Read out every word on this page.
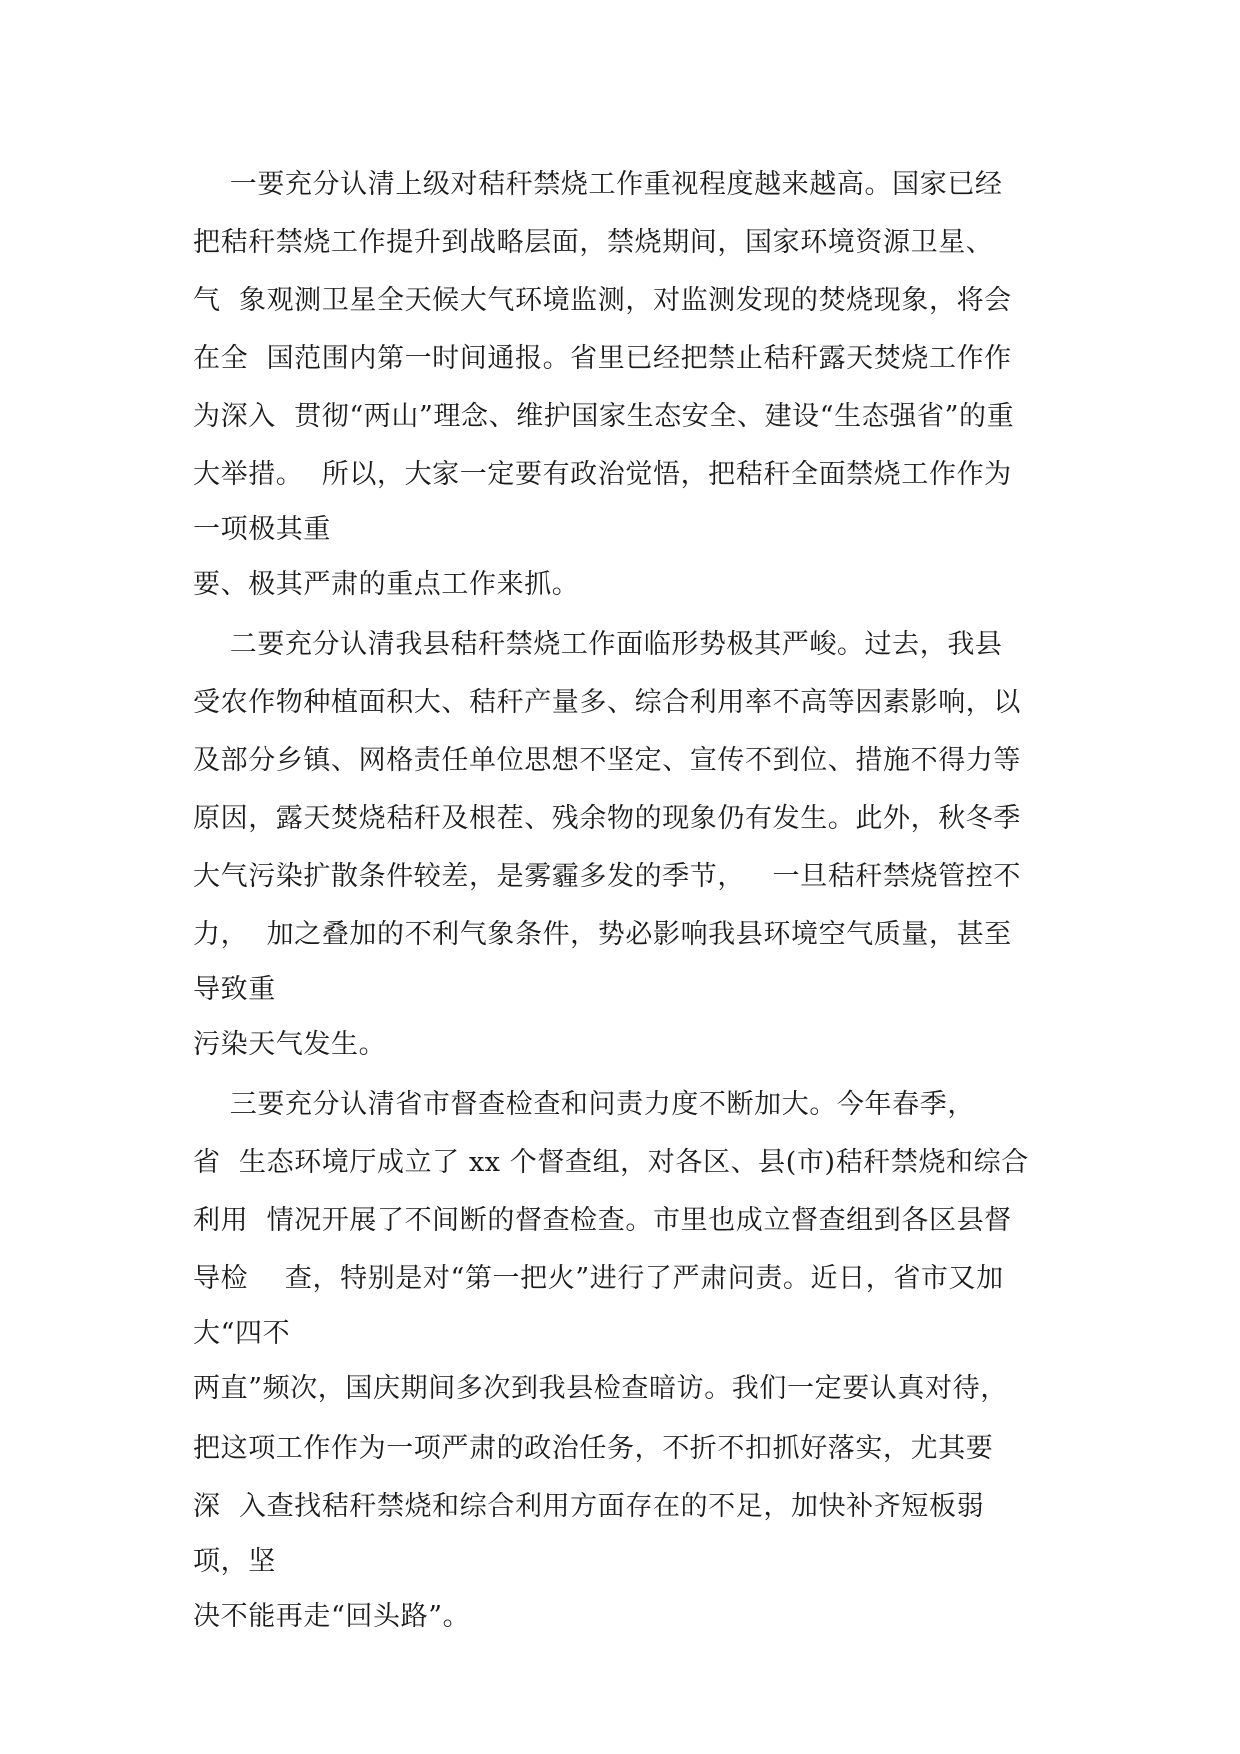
一要充分认清上级对秸秆禁烧工作重视程度越来越高。国家已经
把秸秆禁烧工作提升到战略层面，禁烧期间，国家环境资源卫星、
气  象观测卫星全天候大气环境监测，对监测发现的焚烧现象，将会
在全  国范围内第一时间通报。省里已经把禁止秸秆露天焚烧工作作
为深入  贯彻“两山”理念、维护国家生态安全、建设“生态强省”的重
大举措。  所以，大家一定要有政治觉悟，把秸秆全面禁烧工作作为
一项极其重
要、极其严肃的重点工作来抓。
二要充分认清我县秸秆禁烧工作面临形势极其严峻。过去，我县
受农作物种植面积大、秸秆产量多、综合利用率不高等因素影响，以
及部分乡镇、网格责任单位思想不坚定、宣传不到位、措施不得力等
原因，露天焚烧秸秆及根茬、残余物的现象仍有发生。此外，秋冬季
大气污染扩散条件较差，是雾霾多发的季节，   一旦秸秆禁烧管控不
力，  加之叠加的不利气象条件，势必影响我县环境空气质量，甚至
导致重
污染天气发生。
三要充分认清省市督查检查和问责力度不断加大。今年春季，
省  生态环境厅成立了 xx 个督查组，对各区、县(市)秸秆禁烧和综合
利用  情况开展了不间断的督查检查。市里也成立督查组到各区县督
导检    查，特别是对“第一把火”进行了严肃问责。近日，省市又加
大“四不
两直”频次，国庆期间多次到我县检查暗访。我们一定要认真对待，
把这项工作作为一项严肃的政治任务，不折不扣抓好落实，尤其要
深  入查找秸秆禁烧和综合利用方面存在的不足，加快补齐短板弱
项，坚
决不能再走“回头路”。
